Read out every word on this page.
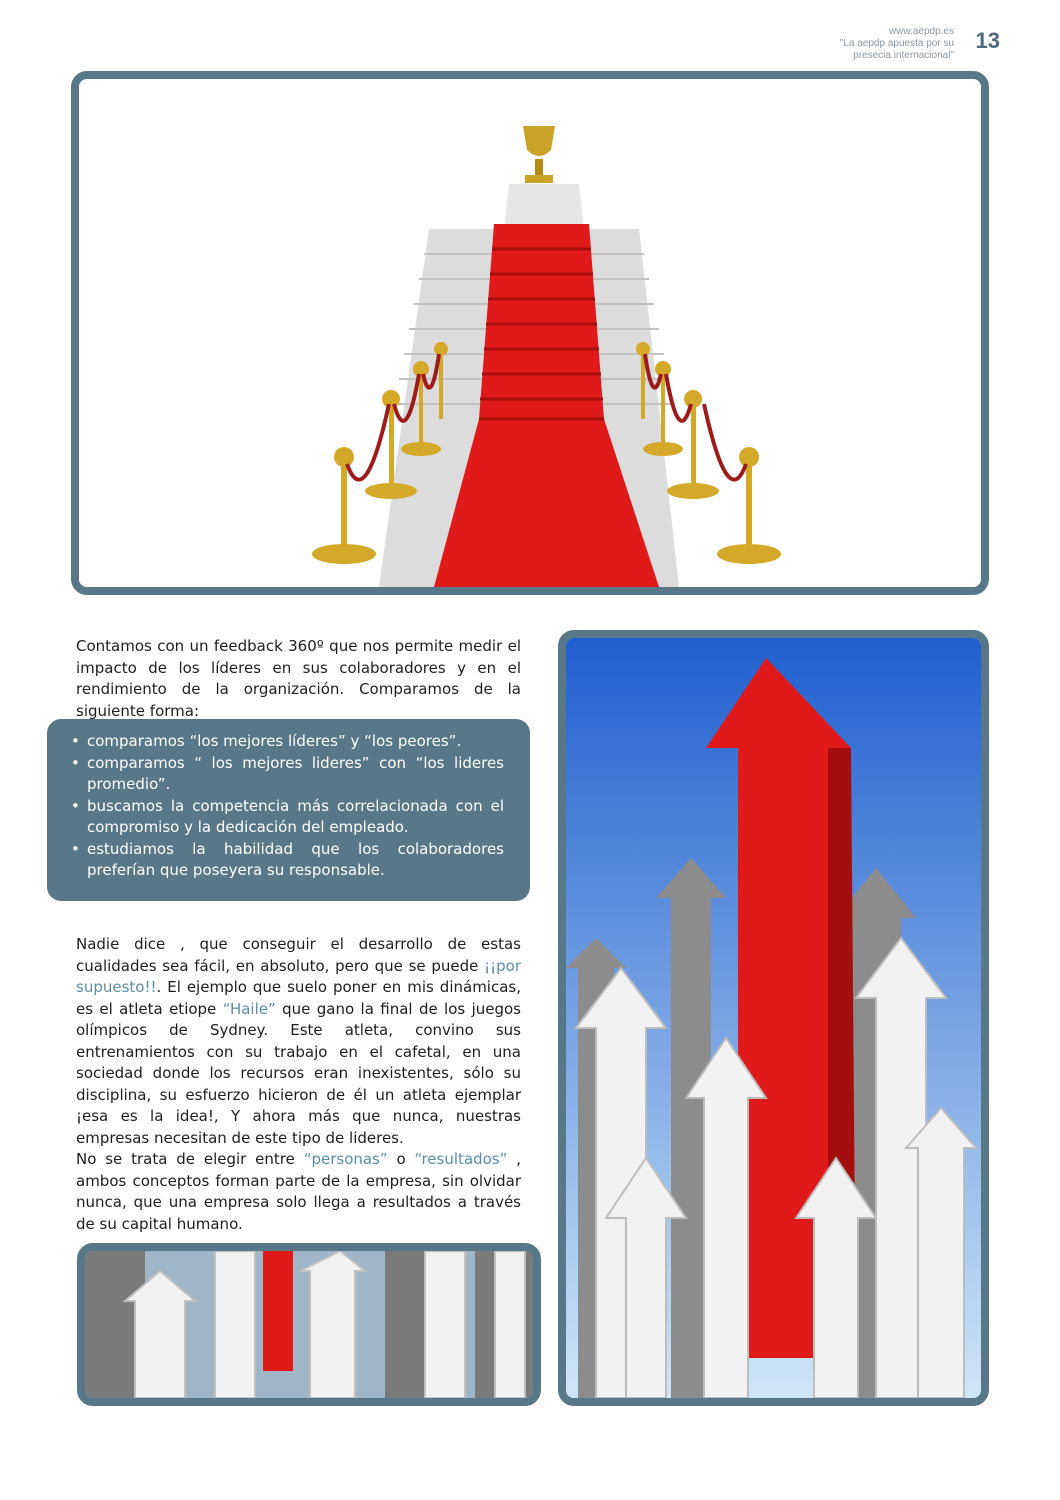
www.aepdp.es
"La aepdp apuesta por su
presecia internacional"
13

Contamos con un feedback 360º que nos permite medir el impacto de los líderes en sus colaboradores y en el rendimiento de la organización. Comparamos de la siguiente forma:

• comparamos “los mejores líderes” y “los peores”.
• comparamos “ los mejores lideres” con “los lideres promedio”.
• buscamos la competencia más correlacionada con el compromiso y la dedicación del empleado.
• estudiamos la habilidad que los colaboradores preferían que poseyera su responsable.

Nadie dice , que conseguir el desarrollo de estas cualidades sea fácil, en absoluto, pero que se puede ¡¡por supuesto!!. El ejemplo que suelo poner en mis dinámicas, es el atleta etiope “Haile” que gano la final de los juegos olímpicos de Sydney. Este atleta, convino sus entrenamientos con su trabajo en el cafetal, en una sociedad donde los recursos eran inexistentes, sólo su disciplina, su esfuerzo hicieron de él un atleta ejemplar ¡esa es la idea!, Y ahora más que nunca, nuestras empresas necesitan de este tipo de lideres.

No se trata de elegir entre “personas” o “resultados” , ambos conceptos forman parte de la empresa, sin olvidar nunca, que una empresa solo llega a resultados a través de su capital humano.
